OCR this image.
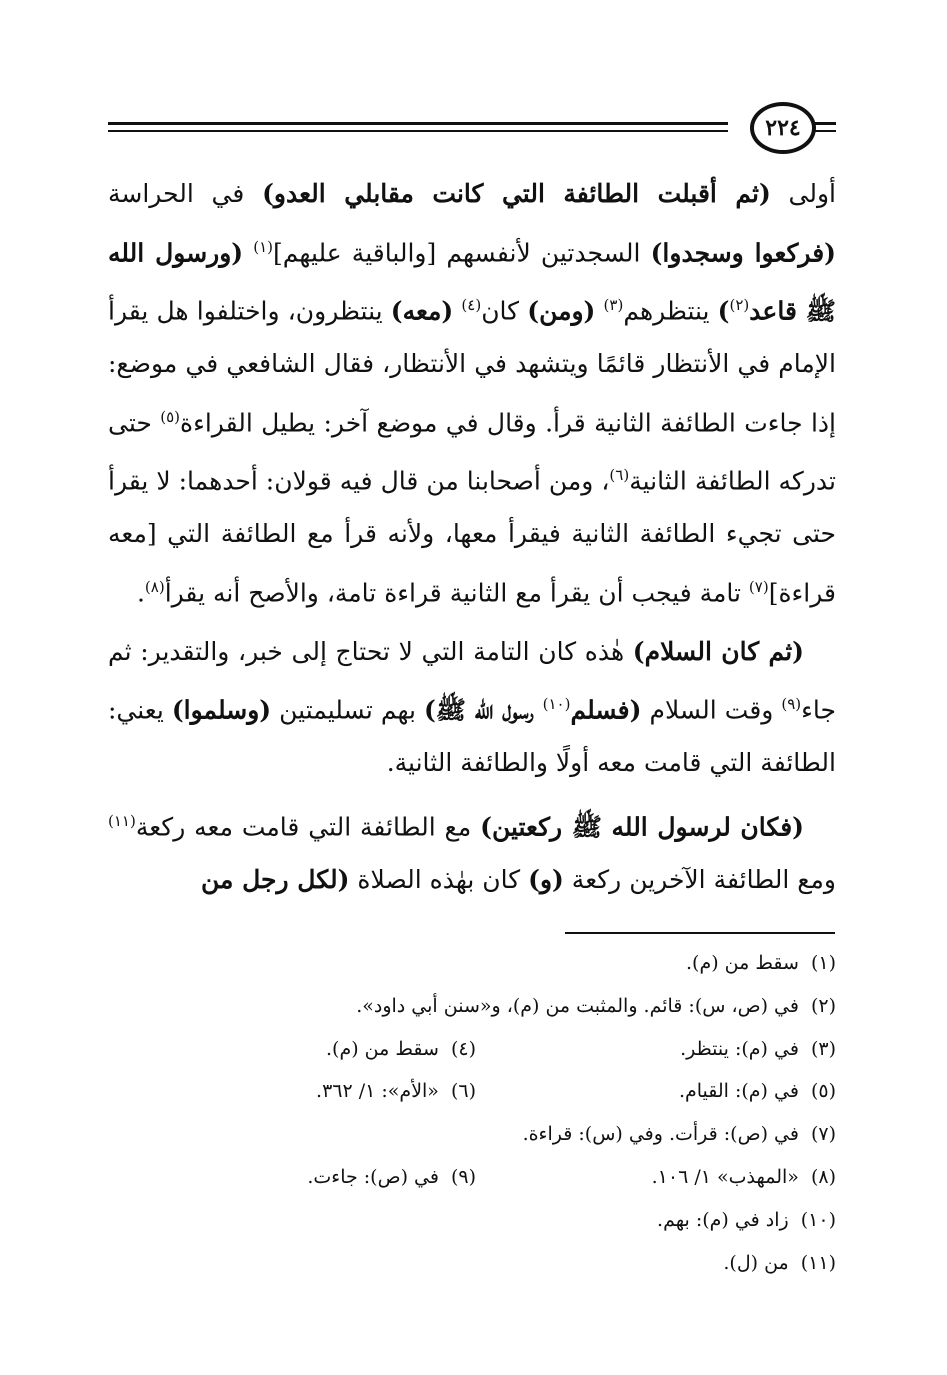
٢٢٤

أولى (ثم أقبلت الطائفة التي كانت مقابلي العدو) في الحراسة (فركعوا وسجدوا) السجدتين لأنفسهم [والباقية عليهم]$^{(١)}$ (ورسول الله ﷺ قاعد$^{(٢)}$) ينتظرهم$^{(٣)}$ (ومن) كان$^{(٤)}$ (معه) ينتظرون، واختلفوا هل يقرأ الإمام في الأنتظار قائمًا ويتشهد في الأنتظار، فقال الشافعي في موضع: إذا جاءت الطائفة الثانية قرأ. وقال في موضع آخر: يطيل القراءة$^{(٥)}$ حتى تدركه الطائفة الثانية$^{(٦)}$، ومن أصحابنا من قال فيه قولان: أحدهما: لا يقرأ حتى تجيء الطائفة الثانية فيقرأ معها، ولأنه قرأ مع الطائفة التي [معه قراءة]$^{(٧)}$ تامة فيجب أن يقرأ مع الثانية قراءة تامة، والأصح أنه يقرأ$^{(٨)}$.

(ثم كان السلام) هٰذه كان التامة التي لا تحتاج إلى خبر، والتقدير: ثم جاء$^{(٩)}$ وقت السلام (فسلم$^{(١٠)}$ رسول الله ﷺ) بهم تسليمتين (وسلموا) يعني: الطائفة التي قامت معه أولًا والطائفة الثانية.

(فكان لرسول الله ﷺ ركعتين) مع الطائفة التي قامت معه ركعة$^{(١١)}$ ومع الطائفة الآخرين ركعة (و) كان بهٰذه الصلاة (لكل رجل من

(١)سقط من (م).
(٢)في (ص، س): قائم. والمثبت من (م)، و«سنن أبي داود».
(٣)في (م): ينتظر.
(٤)سقط من (م).
(٥)في (م): القيام.
(٦)«الأم»: ١/ ٣٦٢.
(٧)في (ص): قرأت. وفي (س): قراءة.
(٨)«المهذب» ١/ ١٠٦.
(٩)في (ص): جاءت.
(١٠)زاد في (م): بهم.
(١١)من (ل).
